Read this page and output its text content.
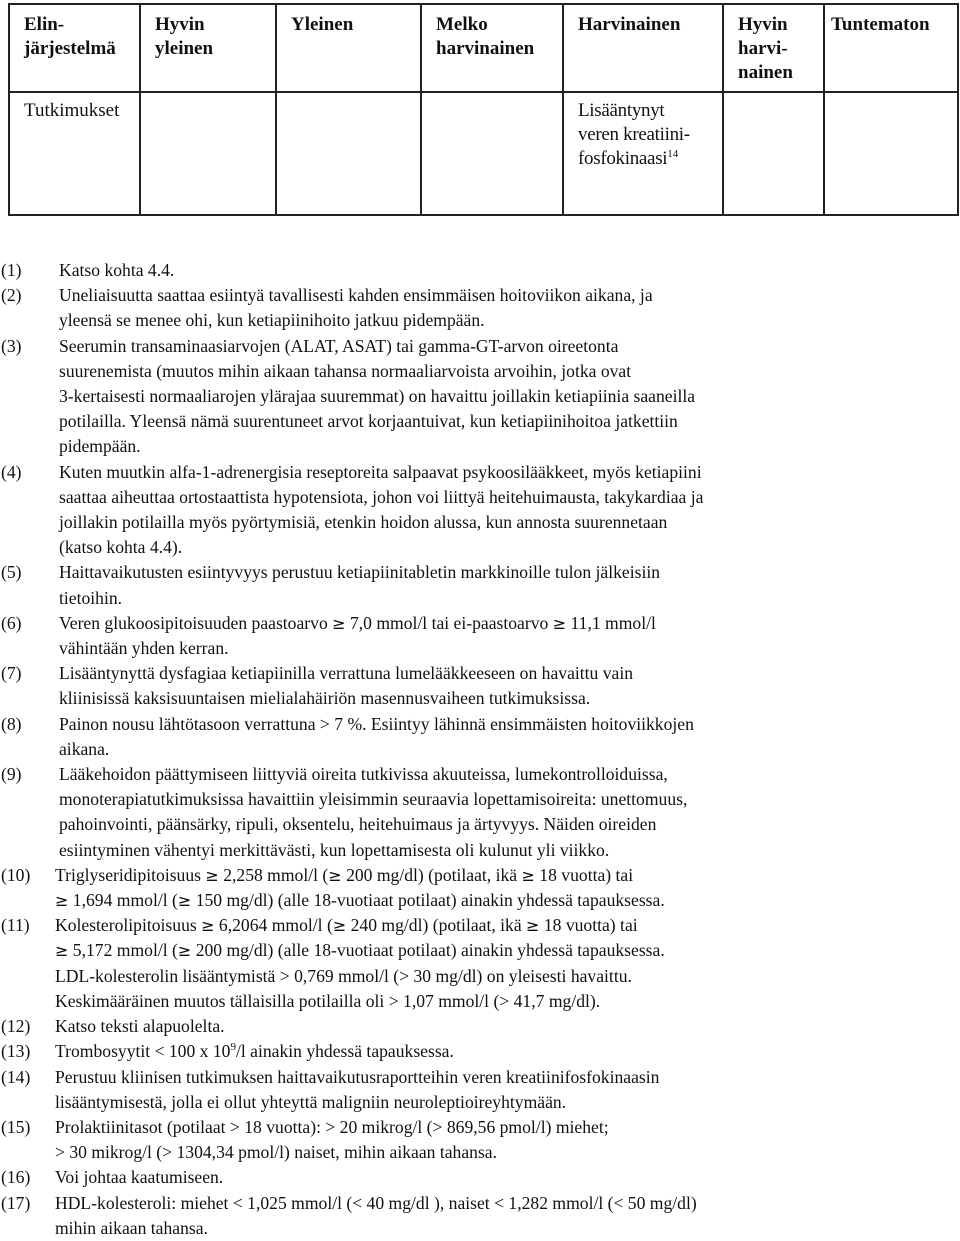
Elin-
järjestelmä	Hyvin
yleinen	Yleinen	Melko
harvinainen	Harvinainen	Hyvin
harvi-
nainen	Tuntematon
Tutkimukset				Lisääntynyt
veren kreatiini-
fosfokinaasi$^{14}$		
(1)	Katso kohta 4.4.
(2)	Uneliaisuutta saattaa esiintyä tavallisesti kahden ensimmäisen hoitoviikon aikana, ja
yleensä se menee ohi, kun ketiapiinihoito jatkuu pidempään.
(3)	Seerumin transaminaasiarvojen (ALAT, ASAT) tai gamma-GT-arvon oireetonta
suurenemista (muutos mihin aikaan tahansa normaaliarvoista arvoihin, jotka ovat
3-kertaisesti normaaliarojen ylärajaa suuremmat) on havaittu joillakin ketiapiinia saaneilla
potilailla. Yleensä nämä suurentuneet arvot korjaantuivat, kun ketiapiinihoitoa jatkettiin
pidempään.
(4)	Kuten muutkin alfa-1-adrenergisia reseptoreita salpaavat psykoosilääkkeet, myös ketiapiini
saattaa aiheuttaa ortostaattista hypotensiota, johon voi liittyä heitehuimausta, takykardiaa ja
joillakin potilailla myös pyörtymisiä, etenkin hoidon alussa, kun annosta suurennetaan
(katso kohta 4.4).
(5)	Haittavaikutusten esiintyvyys perustuu ketiapiinitabletin markkinoille tulon jälkeisiin
tietoihin.
(6)	Veren glukoosipitoisuuden paastoarvo ≥ 7,0 mmol/l tai ei-paastoarvo ≥ 11,1 mmol/l
vähintään yhden kerran.
(7)	Lisääntynyttä dysfagiaa ketiapiinilla verrattuna lumelääkkeeseen on havaittu vain
kliinisissä kaksisuuntaisen mielialahäiriön masennusvaiheen tutkimuksissa.
(8)	Painon nousu lähtötasoon verrattuna > 7 %. Esiintyy lähinnä ensimmäisten hoitoviikkojen
aikana.
(9)	Lääkehoidon päättymiseen liittyviä oireita tutkivissa akuuteissa, lumekontrolloiduissa,
monoterapiatutkimuksissa havaittiin yleisimmin seuraavia lopettamisoireita: unettomuus,
pahoinvointi, päänsärky, ripuli, oksentelu, heitehuimaus ja ärtyvyys. Näiden oireiden
esiintyminen vähentyi merkittävästi, kun lopettamisesta oli kulunut yli viikko.
(10)	Triglyseridipitoisuus ≥ 2,258 mmol/l (≥ 200 mg/dl) (potilaat, ikä ≥ 18 vuotta) tai
≥ 1,694 mmol/l (≥ 150 mg/dl) (alle 18-vuotiaat potilaat) ainakin yhdessä tapauksessa.
(11)	Kolesterolipitoisuus ≥ 6,2064 mmol/l (≥ 240 mg/dl) (potilaat, ikä ≥ 18 vuotta) tai
≥ 5,172 mmol/l (≥ 200 mg/dl) (alle 18-vuotiaat potilaat) ainakin yhdessä tapauksessa.
LDL-kolesterolin lisääntymistä > 0,769 mmol/l (> 30 mg/dl) on yleisesti havaittu.
Keskimääräinen muutos tällaisilla potilailla oli > 1,07 mmol/l (> 41,7 mg/dl).
(12)	Katso teksti alapuolelta.
(13)	Trombosyytit < 100 x $10^9/l$ ainakin yhdessä tapauksessa.
(14)	Perustuu kliinisen tutkimuksen haittavaikutusraportteihin veren kreatiinifosfokinaasin
lisääntymisestä, jolla ei ollut yhteyttä maligniin neuroleptioireyhtymään.
(15)	Prolaktiinitasot (potilaat > 18 vuotta): > 20 mikrog/l (> 869,56 pmol/l) miehet;
> 30 mikrog/l (> 1304,34 pmol/l) naiset, mihin aikaan tahansa.
(16)	Voi johtaa kaatumiseen.
(17)	HDL-kolesteroli: miehet < 1,025 mmol/l (< 40 mg/dl ), naiset < 1,282 mmol/l (< 50 mg/dl)
mihin aikaan tahansa.
